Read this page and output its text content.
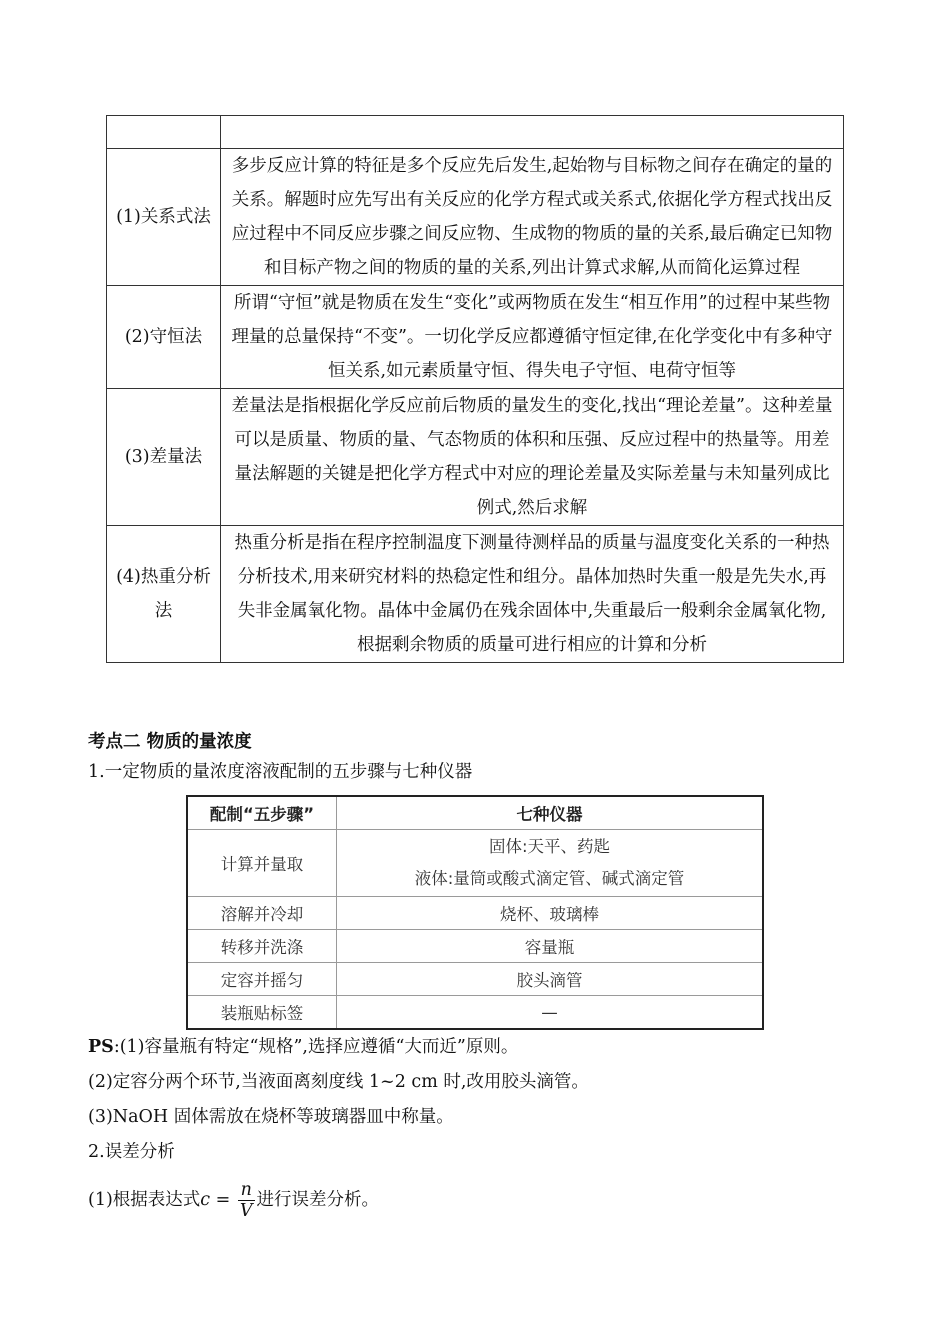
(1)关系式法	多步反应计算的特征是多个反应先后发生,起始物与目标物之间存在确定的量的关系。解题时应先写出有关反应的化学方程式或关系式,依据化学方程式找出反应过程中不同反应步骤之间反应物、生成物的物质的量的关系,最后确定已知物和目标产物之间的物质的量的关系,列出计算式求解,从而简化运算过程
(2)守恒法	所谓“守恒”就是物质在发生“变化”或两物质在发生“相互作用”的过程中某些物理量的总量保持“不变”。一切化学反应都遵循守恒定律,在化学变化中有多种守恒关系,如元素质量守恒、得失电子守恒、电荷守恒等
(3)差量法	差量法是指根据化学反应前后物质的量发生的变化,找出“理论差量”。这种差量可以是质量、物质的量、气态物质的体积和压强、反应过程中的热量等。用差量法解题的关键是把化学方程式中对应的理论差量及实际差量与未知量列成比例式,然后求解
(4)热重分析法	热重分析是指在程序控制温度下测量待测样品的质量与温度变化关系的一种热分析技术,用来研究材料的热稳定性和组分。晶体加热时失重一般是先失水,再失非金属氧化物。晶体中金属仍在残余固体中,失重最后一般剩余金属氧化物,根据剩余物质的质量可进行相应的计算和分析
考点二 物质的量浓度
1.一定物质的量浓度溶液配制的五步骤与七种仪器
配制“五步骤”	七种仪器
计算并量取	固体:天平、药匙
液体:量筒或酸式滴定管、碱式滴定管

溶解并冷却	烧杯、玻璃棒
转移并洗涤	容量瓶
定容并摇匀	胶头滴管
装瓶贴标签	—
PS:(1)容量瓶有特定“规格”,选择应遵循“大而近”原则。
(2)定容分两个环节,当液面离刻度线 1~2 cm 时,改用胶头滴管。
(3)NaOH 固体需放在烧杯等玻璃器皿中称量。
2.误差分析
(1)根据表达式$c = \frac{n}{V}$ 进行误差分析。
